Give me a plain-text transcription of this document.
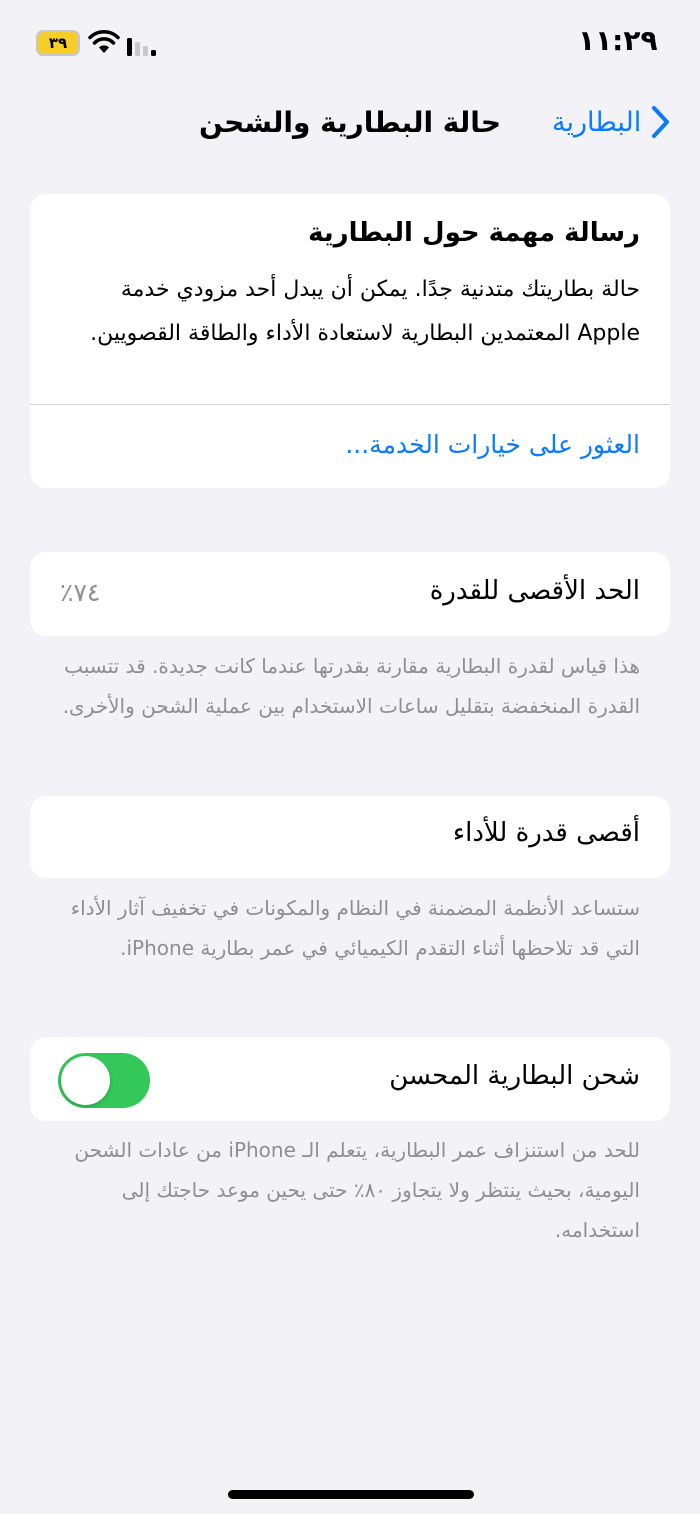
١١:٢٩
٣٩
البطارية
حالة البطارية والشحن
رسالة مهمة حول البطارية
حالة بطاريتك متدنية جدًا. يمكن أن يبدل أحد مزودي خدمة Apple المعتمدين البطارية لاستعادة الأداء والطاقة القصويين.
العثور على خيارات الخدمة...
الحد الأقصى للقدرة
٪٧٤
هذا قياس لقدرة البطارية مقارنة بقدرتها عندما كانت جديدة. قد تتسبب القدرة المنخفضة بتقليل ساعات الاستخدام بين عملية الشحن والأخرى.
أقصى قدرة للأداء
ستساعد الأنظمة المضمنة في النظام والمكونات في تخفيف آثار الأداء التي قد تلاحظها أثناء التقدم الكيميائي في عمر بطارية iPhone.
شحن البطارية المحسن
للحد من استنزاف عمر البطارية، يتعلم الـ iPhone من عادات الشحن اليومية، بحيث ينتظر ولا يتجاوز ٨٠٪ حتى يحين موعد حاجتك إلى استخدامه.
